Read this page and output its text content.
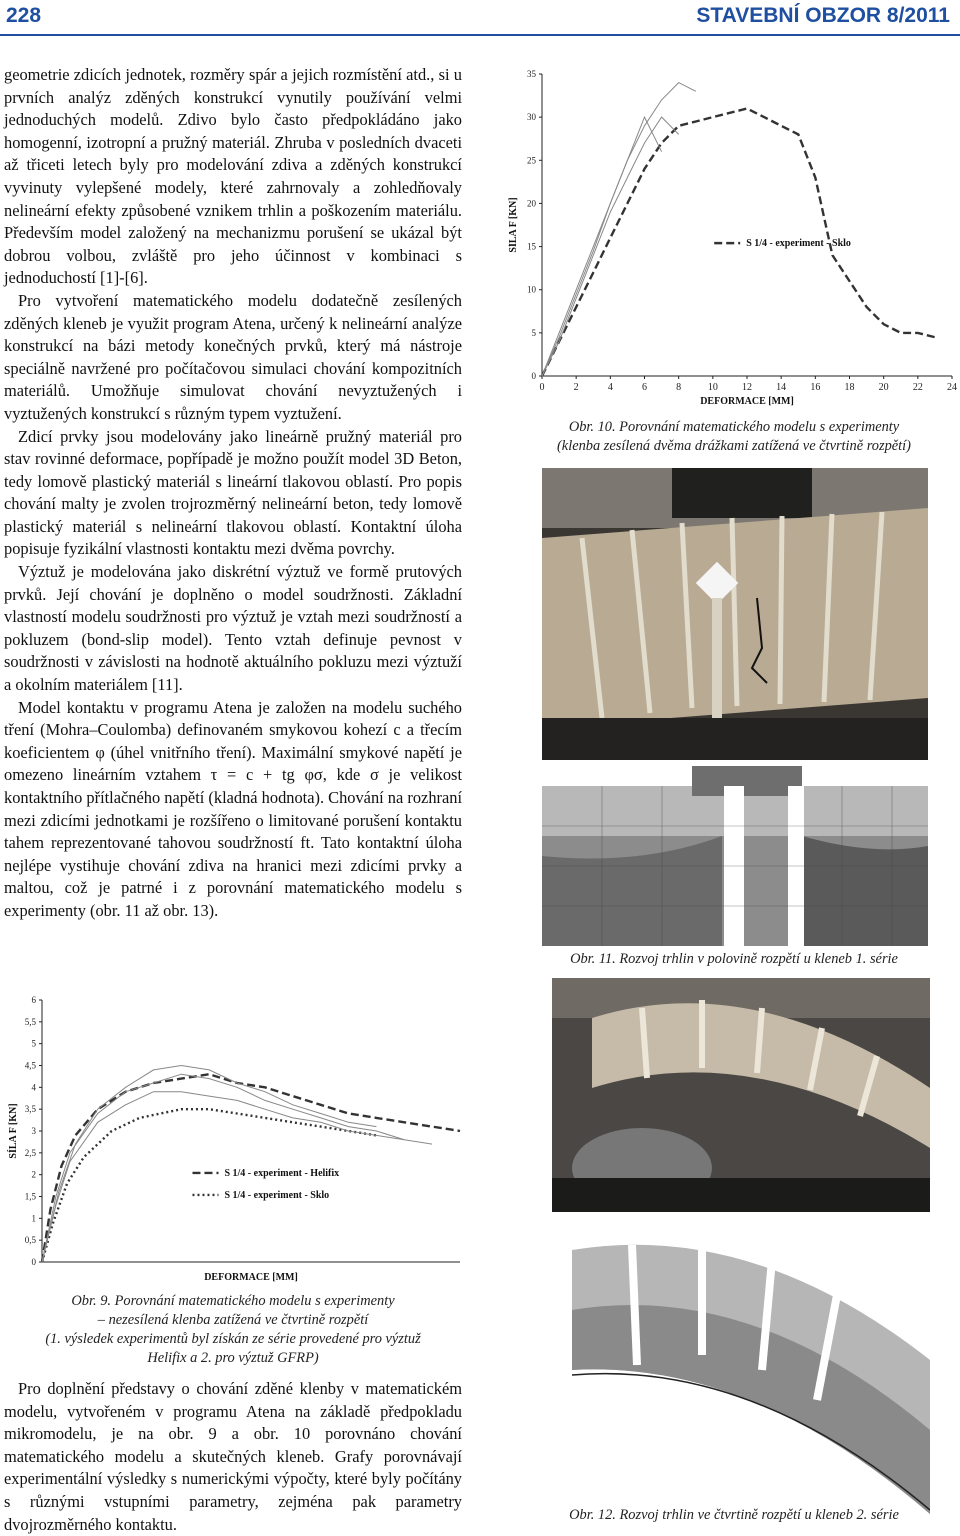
228	STAVEBNÍ OBZOR 8/2011

geometrie zdicích jednotek, rozměry spár a jejich rozmístění atd., si u prvních analýz zděných konstrukcí vynutily používání velmi jednoduchých modelů. Zdivo bylo často předpokládáno jako homogenní, izotropní a pružný materiál. Zhruba v posledních dvaceti až třiceti letech byly pro modelování zdiva a zděných konstrukcí vyvinuty vylepšené modely, které zahrnovaly a zohledňovaly nelineární efekty způsobené vznikem trhlin a poškozením materiálu. Především model založený na mechanizmu porušení se ukázal být dobrou volbou, zvláště pro jeho účinnost v kombinaci s jednoduchostí [1]-[6].

Pro vytvoření matematického modelu dodatečně zesílených zděných kleneb je využit program Atena, určený k nelineární analýze konstrukcí na bázi metody konečných prvků, který má nástroje speciálně navržené pro počítačovou simulaci chování kompozitních materiálů. Umožňuje simulovat chování nevyztužených i vyztužených konstrukcí s různým typem vyztužení.

Zdicí prvky jsou modelovány jako lineárně pružný materiál pro stav rovinné deformace, popřípadě je možno použít model 3D Beton, tedy lomově plastický materiál s lineární tlakovou oblastí. Pro popis chování malty je zvolen trojrozměrný nelineární beton, tedy lomově plastický materiál s nelineární tlakovou oblastí. Kontaktní úloha popisuje fyzikální vlastnosti kontaktu mezi dvěma povrchy.

Výztuž je modelována jako diskrétní výztuž ve formě prutových prvků. Její chování je doplněno o model soudržnosti. Základní vlastností modelu soudržnosti pro výztuž je vztah mezi soudržností a pokluzem (bond-slip model). Tento vztah definuje pevnost v soudržnosti v závislosti na hodnotě aktuálního pokluzu mezi výztuží a okolním materiálem [11].

Model kontaktu v programu Atena je založen na modelu suchého tření (Mohra–Coulomba) definovaném smykovou kohezí c a třecím koeficientem φ (úhel vnitřního tření). Maximální smykové napětí je omezeno lineárním vztahem τ = c + tg φσ, kde σ je velikost kontaktního přítlačného napětí (kladná hodnota). Chování na rozhraní mezi zdicími jednotkami je rozšířeno o limitované porušení kontaktu tahem reprezentované tahovou soudržností ft. Tato kontaktní úloha nejlépe vystihuje chování zdiva na hranici mezi zdicími prvky a maltou, což je patrné i z porovnání matematického modelu s experimenty (obr. 11 až obr. 13).

0
5
10
15
20
25
30
35
0	2	4	6	8	10 12 14 16 18 20 22 24
DEFORMACE [MM]
SÍLA F [KN]	S 1/4 - experiment - Sklo
Obr. 10. Porovnání matematického modelu s experimenty
(klenba zesílená dvěma drážkami zatížená ve čtvrtině rozpětí)
Obr. 11. Rozvoj trhlin v polovině rozpětí u kleneb 1. série
Obr. 12. Rozvoj trhlin ve čtvrtině rozpětí u kleneb 2. série
0
0,5
1
1,5
2
2,5
3
3,5
4
4,5
5
5,5
6
DEFORMACE [MM]
SÍLA F [KN]
S 1/4 - experiment - Helifix
S 1/4 - experiment - Sklo
Obr. 9. Porovnání matematického modelu s experimenty
– nezesílená klenba zatížená ve čtvrtině rozpětí
(1. výsledek experimentů byl získán ze série provedené pro výztuž
Helifix a 2. pro výztuž GFRP)

Pro doplnění představy o chování zděné klenby v matematickém modelu, vytvořeném v programu Atena na základě předpokladu mikromodelu, je na obr. 9 a obr. 10 porovnáno chování matematického modelu a skutečných kleneb. Grafy porovnávají experimentální výsledky s numerickými výpočty, které byly počítány s různými vstupními parametry, zejména pak parametry dvojrozměrného kontaktu.
